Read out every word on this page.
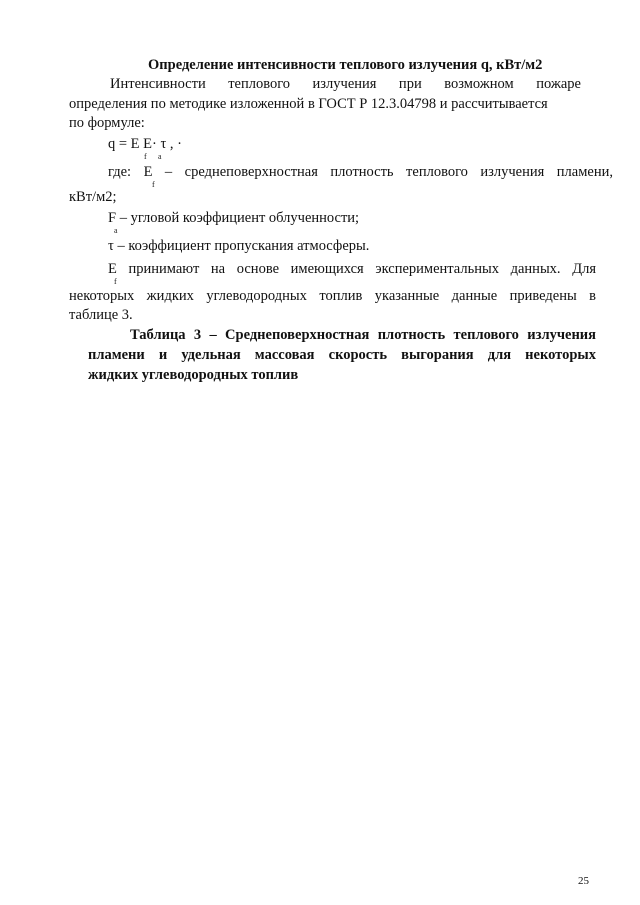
Определение интенсивности теплового излучения q, кВт/м2
Интенсивности теплового излучения при возможном пожаре
определения по методике изложенной в ГОСТ Р 12.3.04798 и рассчитывается
по формуле:
q = E E· τ , ·
f a
где: E – среднеповерхностная плотность теплового излучения пламени,
f
кВт/м2;
F – угловой коэффициент облученности;
a
τ – коэффициент пропускания атмосферы.
E принимают на основе имеющихся экспериментальных данных. Для
f
некоторых жидких углеводородных топлив указанные данные приведены в
таблице 3.
Таблица 3 – Среднеповерхностная плотность теплового излучения
пламени и удельная массовая скорость выгорания для некоторых
жидких углеводородных топлив
25
